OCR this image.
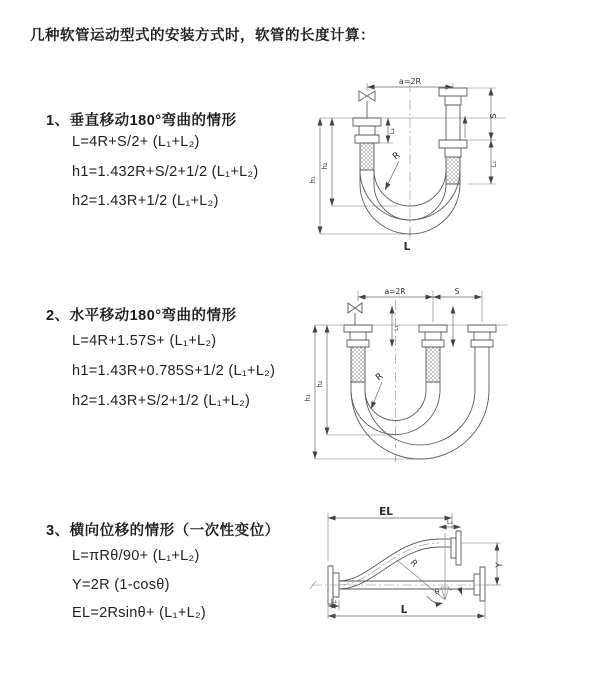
几种软管运动型式的安装方式时，软管的长度计算：
1、垂直移动180°弯曲的情形
L=4R+S/2+ (L₁+L₂)
h1=1.432R+S/2+1/2 (L₁+L₂)
h2=1.43R+1/2 (L₁+L₂)
2、水平移动180°弯曲的情形
L=4R+1.57S+ (L₁+L₂)
h1=1.43R+0.785S+1/2 (L₁+L₂)
h2=1.43R+S/2+1/2 (L₁+L₂)
3、横向位移的情形（一次性变位）
L=πRθ/90+ (L₁+L₂)
Y=2R (1-cosθ)
EL=2Rsinθ+ (L₁+L₂)
a=2R
S
L₁
L₁
h₁
h₂
R
L
a=2R	S
L₁
h₁
h₂
R
EL
L₁
Y
R
θ
L₁
L
